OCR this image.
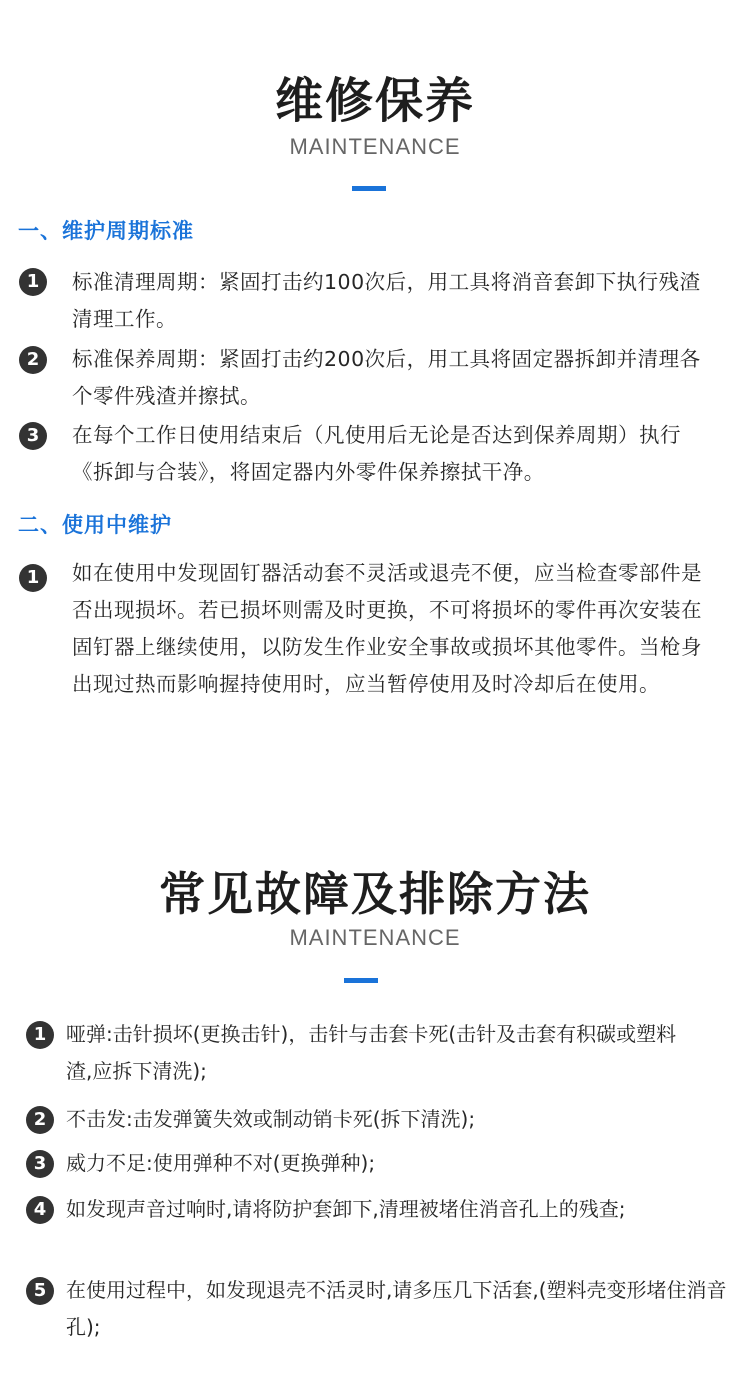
维修保养
MAINTENANCE
一、维护周期标准
1	标准清理周期：紧固打击约100次后，用工具将消音套卸下执行残渣清理工作。
2	标准保养周期：紧固打击约200次后，用工具将固定器拆卸并清理各个零件残渣并擦拭。
3	在每个工作日使用结束后（凡使用后无论是否达到保养周期）执行《拆卸与合装》，将固定器内外零件保养擦拭干净。
二、使用中维护
1	如在使用中发现固钉器活动套不灵活或退壳不便，应当检查零部件是否出现损坏。若已损坏则需及时更换，不可将损坏的零件再次安装在固钉器上继续使用，以防发生作业安全事故或损坏其他零件。当枪身出现过热而影响握持使用时，应当暂停使用及时冷却后在使用。
常见故障及排除方法
MAINTENANCE
1 哑弹:击针损坏(更换击针)，击针与击套卡死(击针及击套有积碳或塑料渣,应拆下清洗);
2 不击发:击发弹簧失效或制动销卡死(拆下清洗);
3 威力不足:使用弹种不对(更换弹种);
4 如发现声音过响时,请将防护套卸下,清理被堵住消音孔上的残查;
5 在使用过程中，如发现退壳不活灵时,请多压几下活套,(塑料壳变形堵住消音孔);
